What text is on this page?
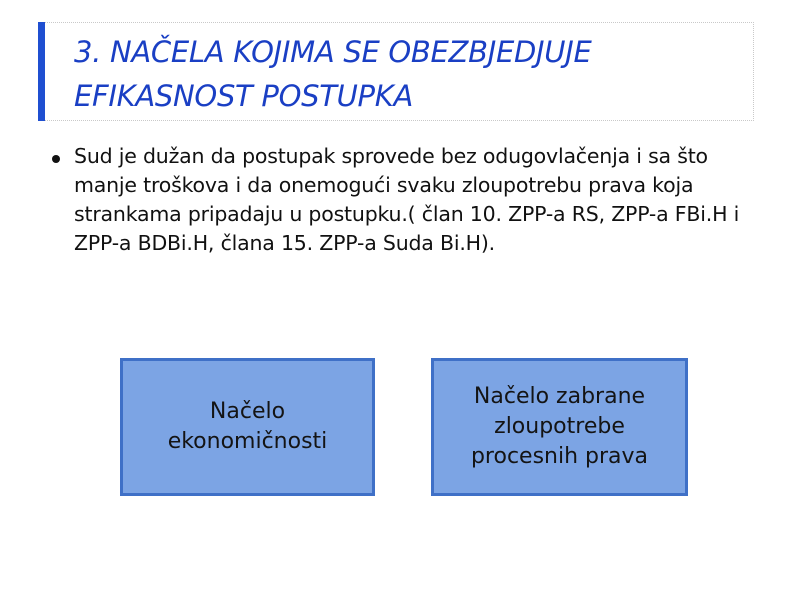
3. NAČELA KOJIMA SE OBEZBJEDJUJE EFIKASNOST POSTUPKA

Sud je dužan da postupak sprovede bez odugovlačenja i sa što manje troškova i da onemogući svaku zloupotrebu prava koja strankama pripadaju u postupku.( član 10. ZPP-a RS, ZPP-a FBi.H i ZPP-a BDBi.H, člana 15. ZPP-a Suda Bi.H).

Načelo ekonomičnosti
Načelo zabrane zloupotrebe procesnih prava
